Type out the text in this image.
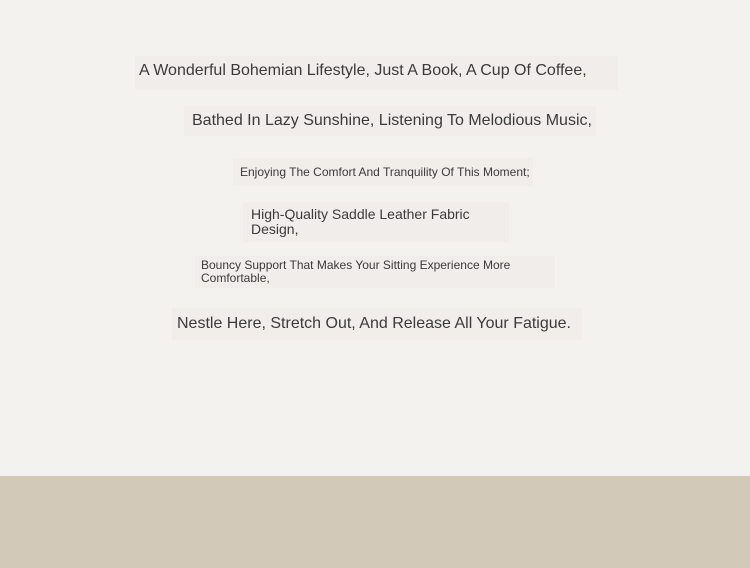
A Wonderful Bohemian Lifestyle, Just A Book, A Cup Of Coffee,
Bathed In Lazy Sunshine, Listening To Melodious Music,
Enjoying The Comfort And Tranquility Of This Moment;
High-Quality Saddle Leather Fabric Design,
Bouncy Support That Makes Your Sitting Experience More Comfortable,
Nestle Here, Stretch Out, And Release All Your Fatigue.
